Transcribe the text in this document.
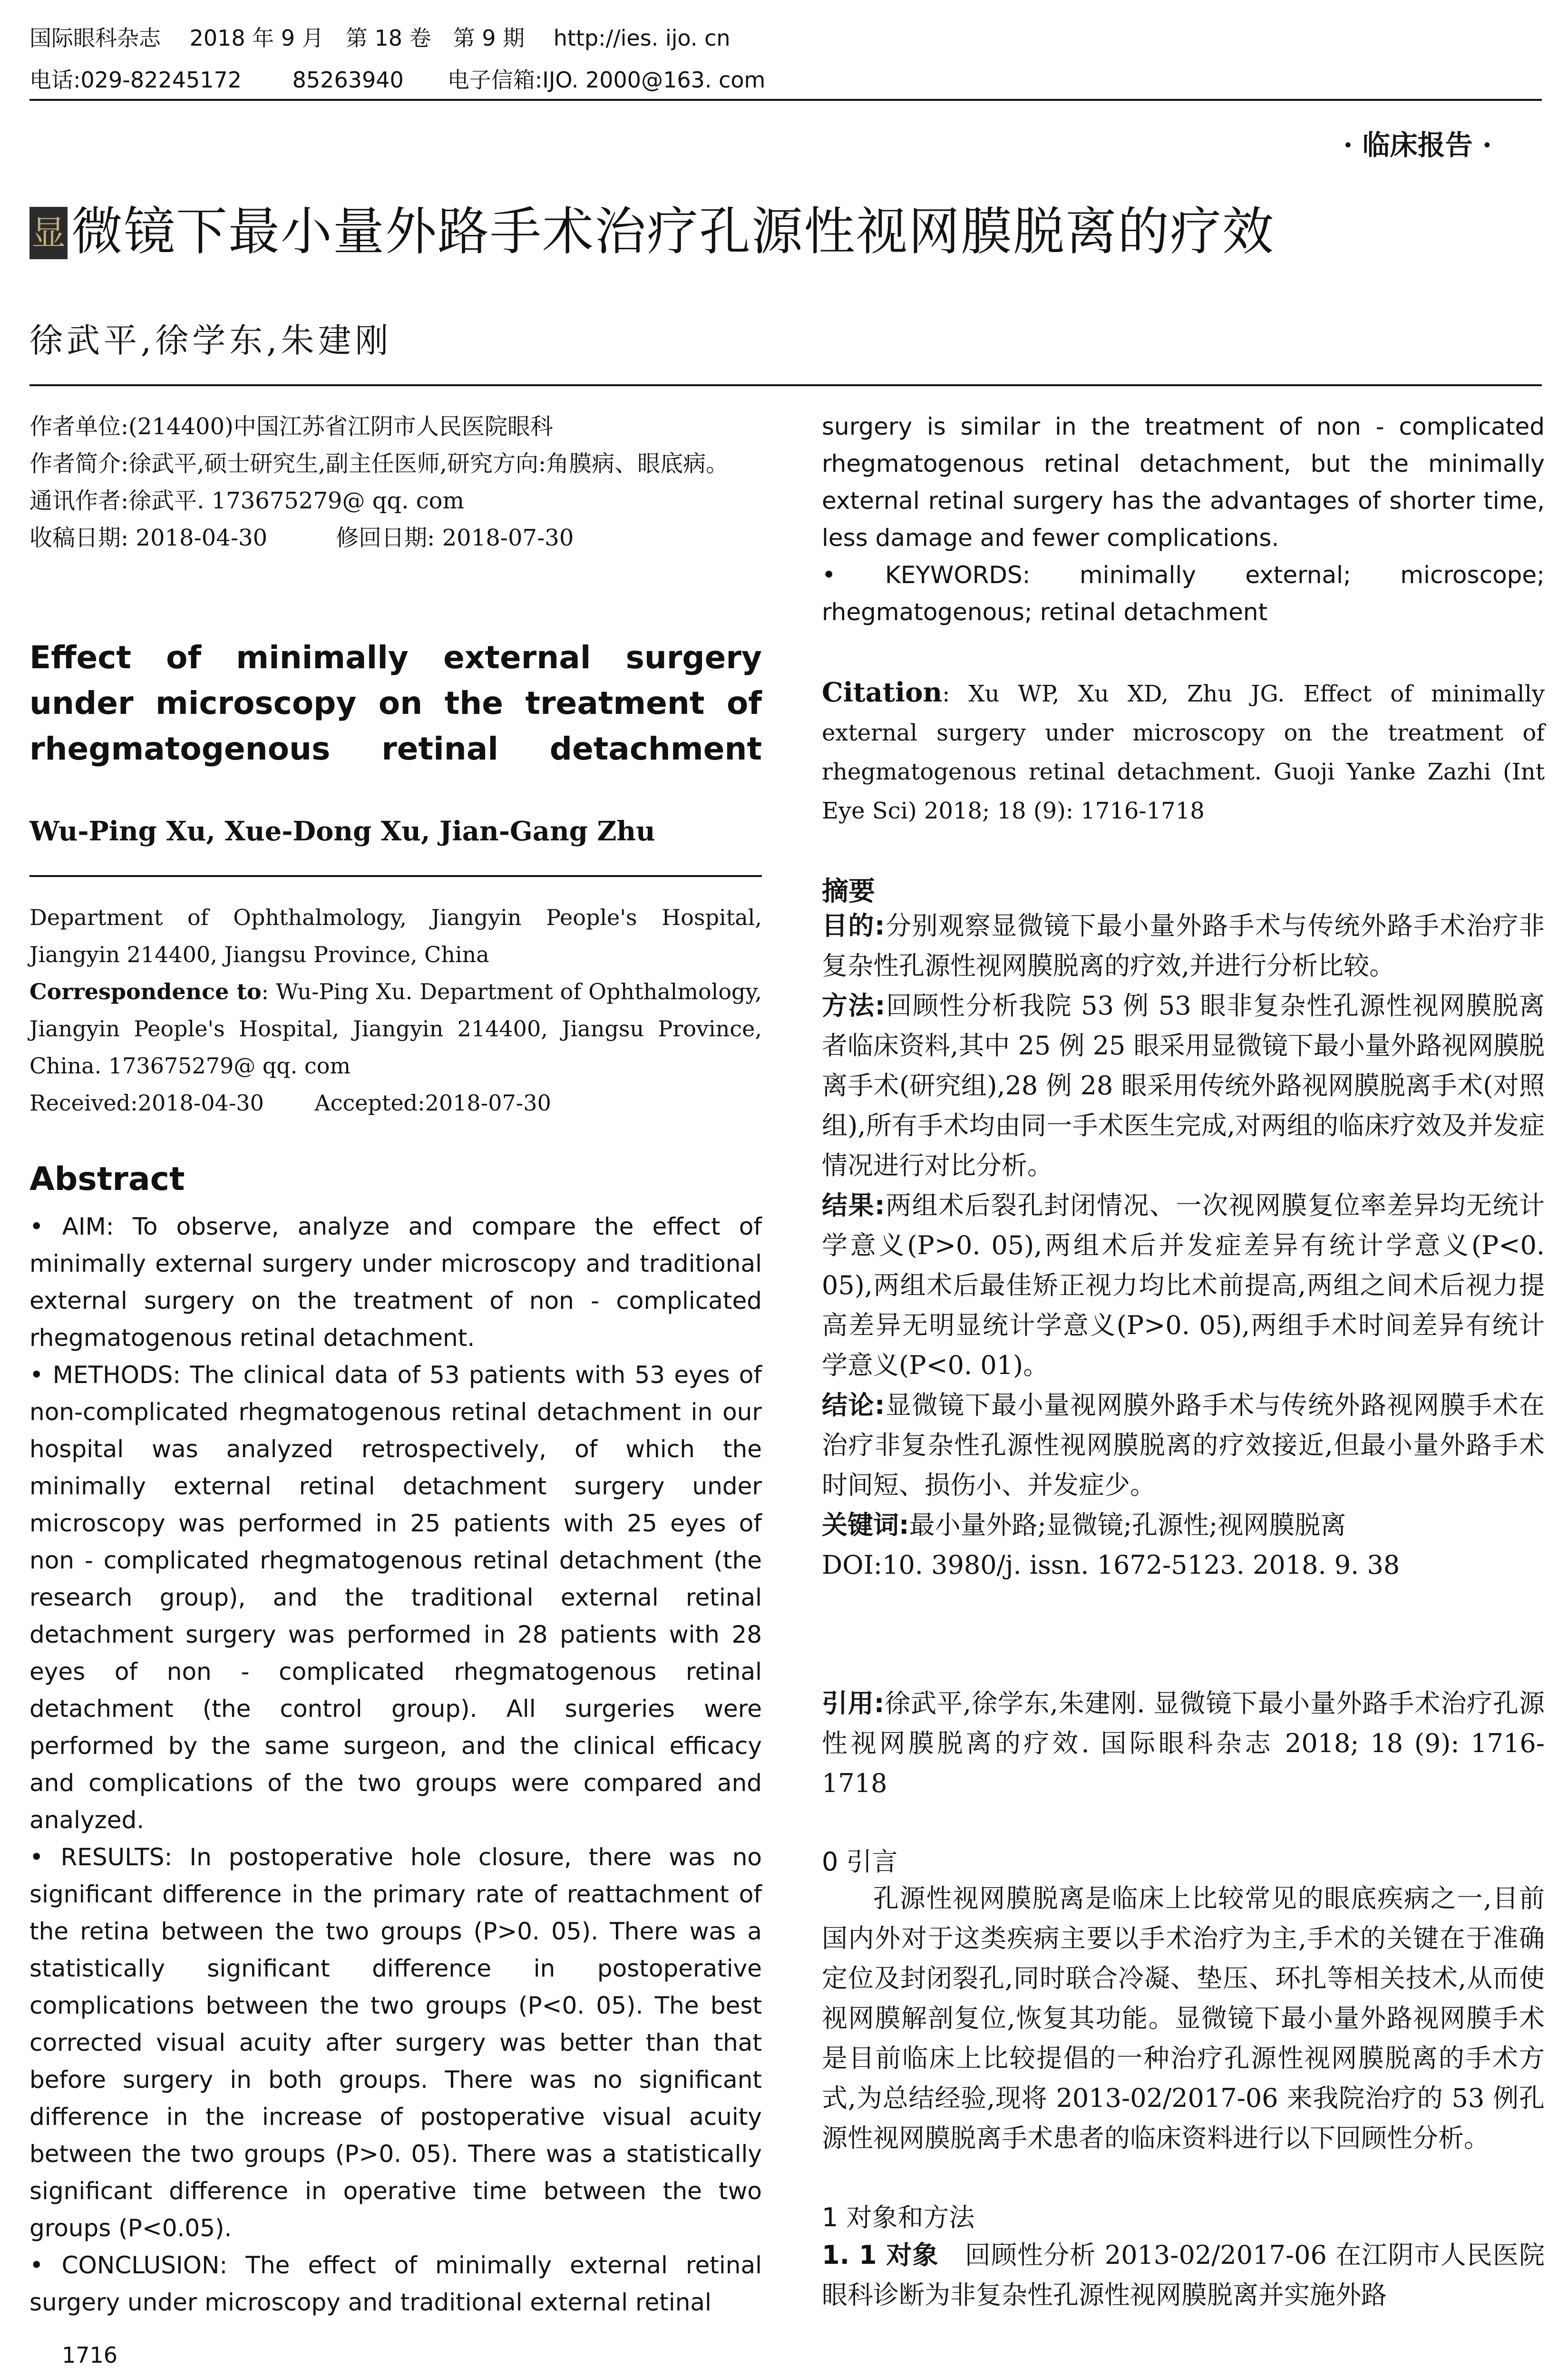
国际眼科杂志　 2018 年 9 月　第 18 卷　第 9 期　 http://ies. ijo. cn
电话:029-82245172　　 85263940　　电子信箱:IJO. 2000@163. com
· 临床报告 ·
显 微镜下最小量外路手术治疗孔源性视网膜脱离的疗效
徐武平,徐学东,朱建刚
作者单位:(214400)中国江苏省江阴市人民医院眼科
作者简介:徐武平,硕士研究生,副主任医师,研究方向:角膜病、眼底病。
通讯作者:徐武平. 173675279@ qq. com
收稿日期: 2018-04-30　　　修回日期: 2018-07-30
Effect of minimally external surgery under microscopy on the treatment of rhegmatogenous retinal detachment
Wu-Ping Xu, Xue-Dong Xu, Jian-Gang Zhu
Department of Ophthalmology, Jiangyin People's Hospital, Jiangyin 214400, Jiangsu Province, China
Correspondence to: Wu-Ping Xu. Department of Ophthalmology, Jiangyin People's Hospital, Jiangyin 214400, Jiangsu Province, China. 173675279@ qq. com
Received:2018-04-30　　 Accepted:2018-07-30
Abstract
• AIM: To observe, analyze and compare the effect of minimally external surgery under microscopy and traditional external surgery on the treatment of non - complicated rhegmatogenous retinal detachment.
• METHODS: The clinical data of 53 patients with 53 eyes of non-complicated rhegmatogenous retinal detachment in our hospital was analyzed retrospectively, of which the minimally external retinal detachment surgery under microscopy was performed in 25 patients with 25 eyes of non - complicated rhegmatogenous retinal detachment (the research group), and the traditional external retinal detachment surgery was performed in 28 patients with 28 eyes of non - complicated rhegmatogenous retinal detachment (the control group). All surgeries were performed by the same surgeon, and the clinical efficacy and complications of the two groups were compared and analyzed.
• RESULTS: In postoperative hole closure, there was no significant difference in the primary rate of reattachment of the retina between the two groups (P>0. 05). There was a statistically significant difference in postoperative complications between the two groups (P<0. 05). The best corrected visual acuity after surgery was better than that before surgery in both groups. There was no significant difference in the increase of postoperative visual acuity between the two groups (P>0. 05). There was a statistically significant difference in operative time between the two groups (P<0.05).
• CONCLUSION: The effect of minimally external retinal surgery under microscopy and traditional external retinal
1716
surgery is similar in the treatment of non - complicated rhegmatogenous retinal detachment, but the minimally external retinal surgery has the advantages of shorter time, less damage and fewer complications.
• KEYWORDS: minimally external; microscope; rhegmatogenous; retinal detachment
Citation: Xu WP, Xu XD, Zhu JG. Effect of minimally external surgery under microscopy on the treatment of rhegmatogenous retinal detachment. Guoji Yanke Zazhi (Int Eye Sci) 2018; 18 (9): 1716-1718
摘要
目的:分别观察显微镜下最小量外路手术与传统外路手术治疗非复杂性孔源性视网膜脱离的疗效,并进行分析比较。
方法:回顾性分析我院 53 例 53 眼非复杂性孔源性视网膜脱离者临床资料,其中 25 例 25 眼采用显微镜下最小量外路视网膜脱离手术(研究组),28 例 28 眼采用传统外路视网膜脱离手术(对照组),所有手术均由同一手术医生完成,对两组的临床疗效及并发症情况进行对比分析。
结果:两组术后裂孔封闭情况、一次视网膜复位率差异均无统计学意义(P>0. 05),两组术后并发症差异有统计学意义(P<0. 05),两组术后最佳矫正视力均比术前提高,两组之间术后视力提高差异无明显统计学意义(P>0. 05),两组手术时间差异有统计学意义(P<0. 01)。
结论:显微镜下最小量视网膜外路手术与传统外路视网膜手术在治疗非复杂性孔源性视网膜脱离的疗效接近,但最小量外路手术时间短、损伤小、并发症少。
关键词:最小量外路;显微镜;孔源性;视网膜脱离
DOI:10. 3980/j. issn. 1672-5123. 2018. 9. 38
引用:徐武平,徐学东,朱建刚. 显微镜下最小量外路手术治疗孔源性视网膜脱离的疗效. 国际眼科杂志 2018; 18 (9): 1716-1718
0 引言
孔源性视网膜脱离是临床上比较常见的眼底疾病之一,目前国内外对于这类疾病主要以手术治疗为主,手术的关键在于准确定位及封闭裂孔,同时联合冷凝、垫压、环扎等相关技术,从而使视网膜解剖复位,恢复其功能。显微镜下最小量外路视网膜手术是目前临床上比较提倡的一种治疗孔源性视网膜脱离的手术方式,为总结经验,现将 2013-02/2017-06 来我院治疗的 53 例孔源性视网膜脱离手术患者的临床资料进行以下回顾性分析。
1 对象和方法
1. 1 对象　 回顾性分析 2013-02/2017-06 在江阴市人民医院眼科诊断为非复杂性孔源性视网膜脱离并实施外路
